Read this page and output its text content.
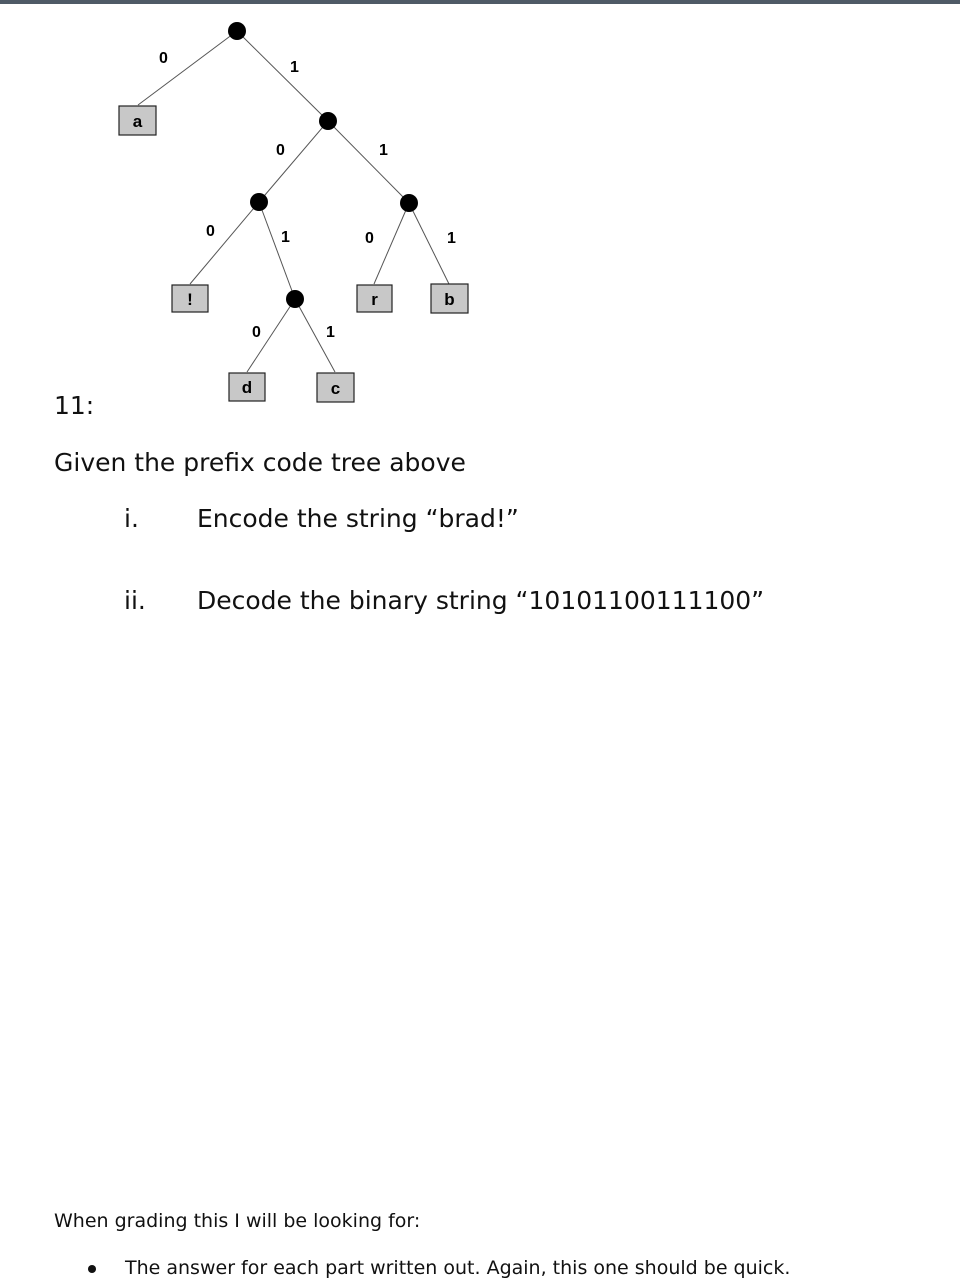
0
1
0	1
0	1	0	1
0	1
a
!	r	b
d	c
11:
Given the prefix code tree above
i. Encode the string “brad!”
ii. Decode the binary string “10101100111100”
When grading this I will be looking for:
The answer for each part written out. Again, this one should be quick.
